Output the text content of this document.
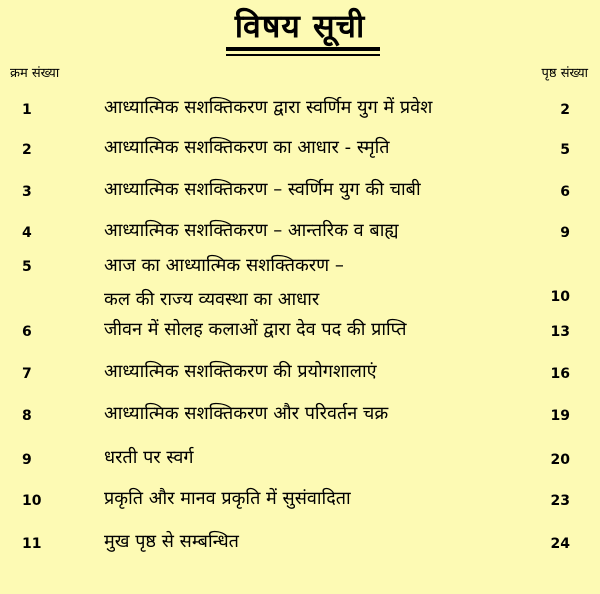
विषय सूची
क्रम संख्या	पृष्ठ संख्या
1	आध्यात्मिक सशक्तिकरण द्वारा स्वर्णिम युग में प्रवेश	2
2	आध्यात्मिक सशक्तिकरण का आधार - स्मृति	5
3	आध्यात्मिक सशक्तिकरण – स्वर्णिम युग की चाबी	6
4	आध्यात्मिक सशक्तिकरण – आन्तरिक व बाह्य	9
5	आज का आध्यात्मिक सशक्तिकरण –
कल की राज्य व्यवस्था का आधार	10
6	जीवन में सोलह कलाओं द्वारा देव पद की प्राप्ति	13
7	आध्यात्मिक सशक्तिकरण की प्रयोगशालाएं	16
8	आध्यात्मिक सशक्तिकरण और परिवर्तन चक्र	19
9	धरती पर स्वर्ग	20
10	प्रकृति और मानव प्रकृति में सुसंवादिता	23
11	मुख पृष्ठ से सम्बन्धित	24
